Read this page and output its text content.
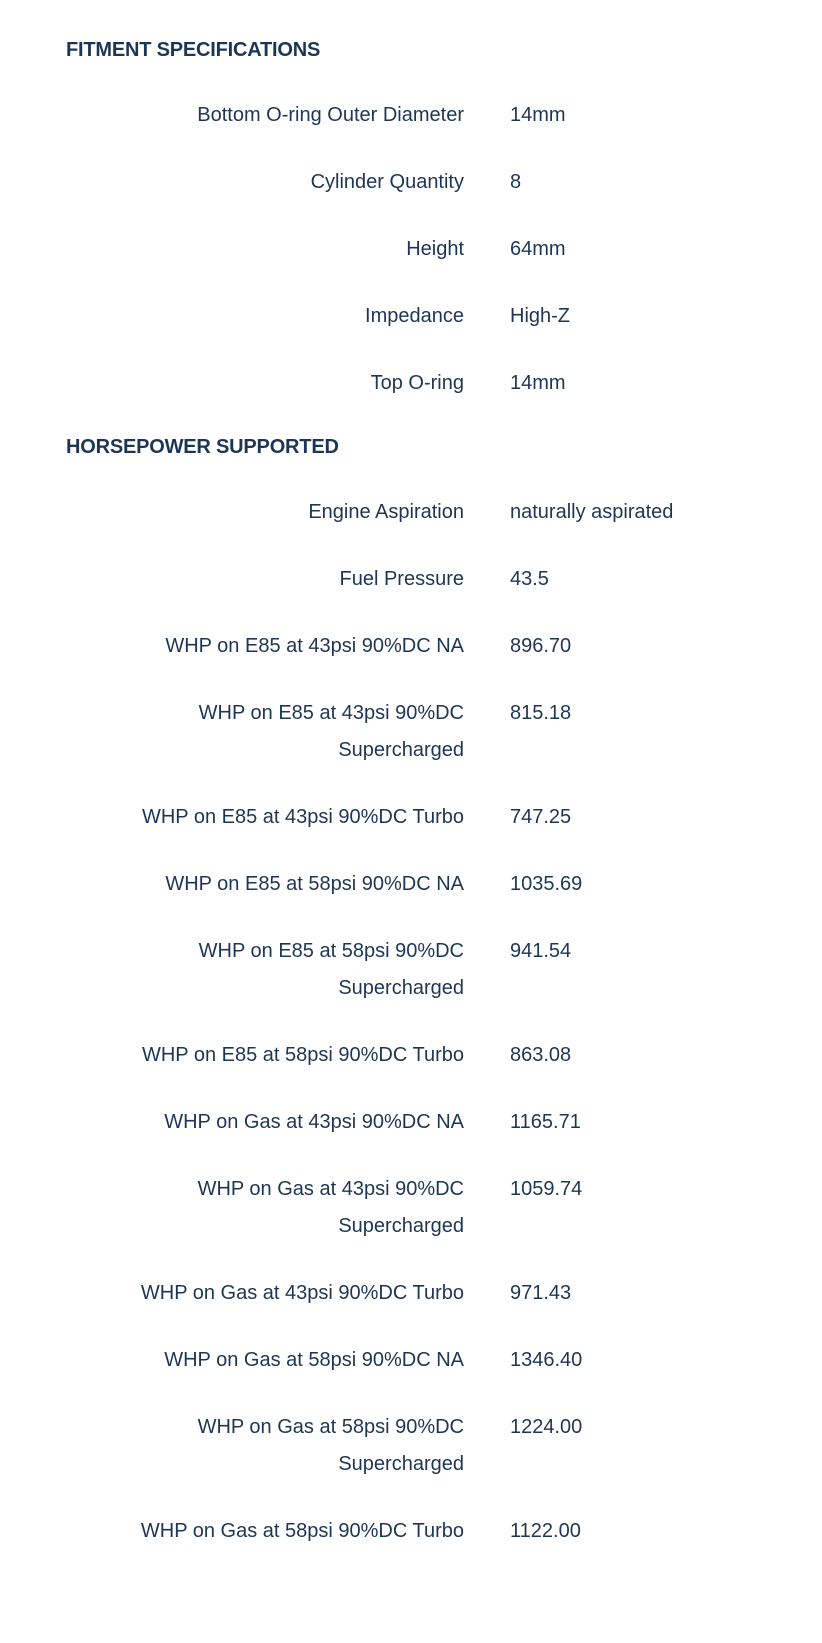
FITMENT SPECIFICATIONS
Bottom O-ring Outer Diameter 14mm
Cylinder Quantity 8
Height 64mm
Impedance High-Z
Top O-ring 14mm
HORSEPOWER SUPPORTED
Engine Aspiration naturally aspirated
Fuel Pressure 43.5
WHP on E85 at 43psi 90%DC NA 896.70
WHP on E85 at 43psi 90%DC Supercharged
815.18
WHP on E85 at 43psi 90%DC Turbo 747.25
WHP on E85 at 58psi 90%DC NA 1035.69
WHP on E85 at 58psi 90%DC Supercharged
941.54
WHP on E85 at 58psi 90%DC Turbo 863.08
WHP on Gas at 43psi 90%DC NA 1165.71
WHP on Gas at 43psi 90%DC Supercharged
1059.74
WHP on Gas at 43psi 90%DC Turbo 971.43
WHP on Gas at 58psi 90%DC NA 1346.40
WHP on Gas at 58psi 90%DC Supercharged
1224.00
WHP on Gas at 58psi 90%DC Turbo 1122.00
